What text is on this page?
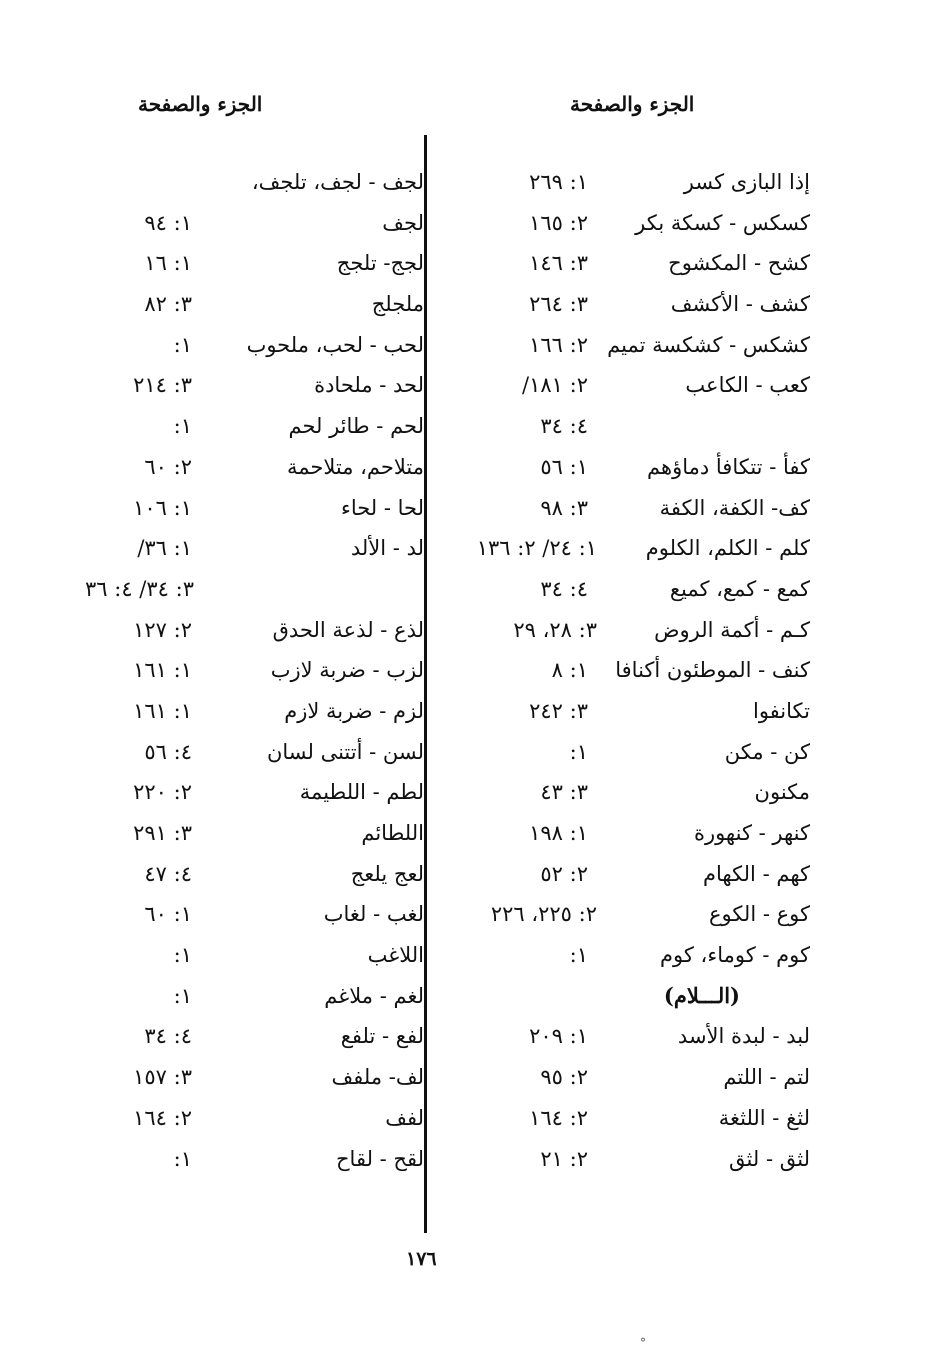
الجزء والصفحة
الجزء والصفحة
إذا البازى كسر
١: ٢٦٩
كسكس - كسكة بكر
٢: ١٦٥
كشح - المكشوح
٣: ١٤٦
كشف - الأكشف
٣: ٢٦٤
كشكس - كشكسة تميم
٢: ١٦٦
كعب - الكاعب
٢: ١٨١/
٤: ٣٤
كفأ - تتكافأ دماؤهم
١: ٥٦
كف- الكفة، الكفة
٣: ٩٨
كلم - الكلم، الكلوم
١: ٢٤/ ٢: ١٣٦
كمع - كمع، كميع
٤: ٣٤
كـم - أكمة الروض
٣: ٢٨، ٢٩
كنف - الموطئون أكنافا
١: ٨
تكانفوا
٣: ٢٤٢
كن - مكن
١:
مكنون
٣: ٤٣
كنهر - كنهورة
١: ١٩٨
كهم - الكهام
٢: ٥٢
كوع - الكوع
٢: ٢٢٥، ٢٢٦
كوم - كوماء، كوم
١:
(الـــلام)
لبد - لبدة الأسد
١: ٢٠٩
لتم - اللتم
٢: ٩٥
لثغ - اللثغة
٢: ١٦٤
لثق - لثق
٢: ٢١
لجف - لجف، تلجف،
لجف
١: ٩٤
لجج- تلجج
١: ١٦
ملجلج
٣: ٨٢
لحب - لحب، ملحوب
١:
لحد - ملحادة
٣: ٢١٤
لحم - طائر لحم
١:
متلاحم، متلاحمة
٢: ٦٠
لحا - لحاء
١: ١٠٦
لد - الألد
١: ٣٦/
٣: ٣٤/ ٤: ٣٦
لذع - لذعة الحدق
٢: ١٢٧
لزب - ضربة لازب
١: ١٦١
لزم - ضربة لازم
١: ١٦١
لسن - أتتنى لسان
٤: ٥٦
لطم - اللطيمة
٢: ٢٢٠
اللطائم
٣: ٢٩١
لعج يلعج
٤: ٤٧
لغب - لغاب
١: ٦٠
اللاغب
١:
لغم - ملاغم
١:
لفع - تلفع
٤: ٣٤
لف- ملفف
٣: ١٥٧
لفف
٢: ١٦٤
لقح - لقاح
١:
١٧٦
°
